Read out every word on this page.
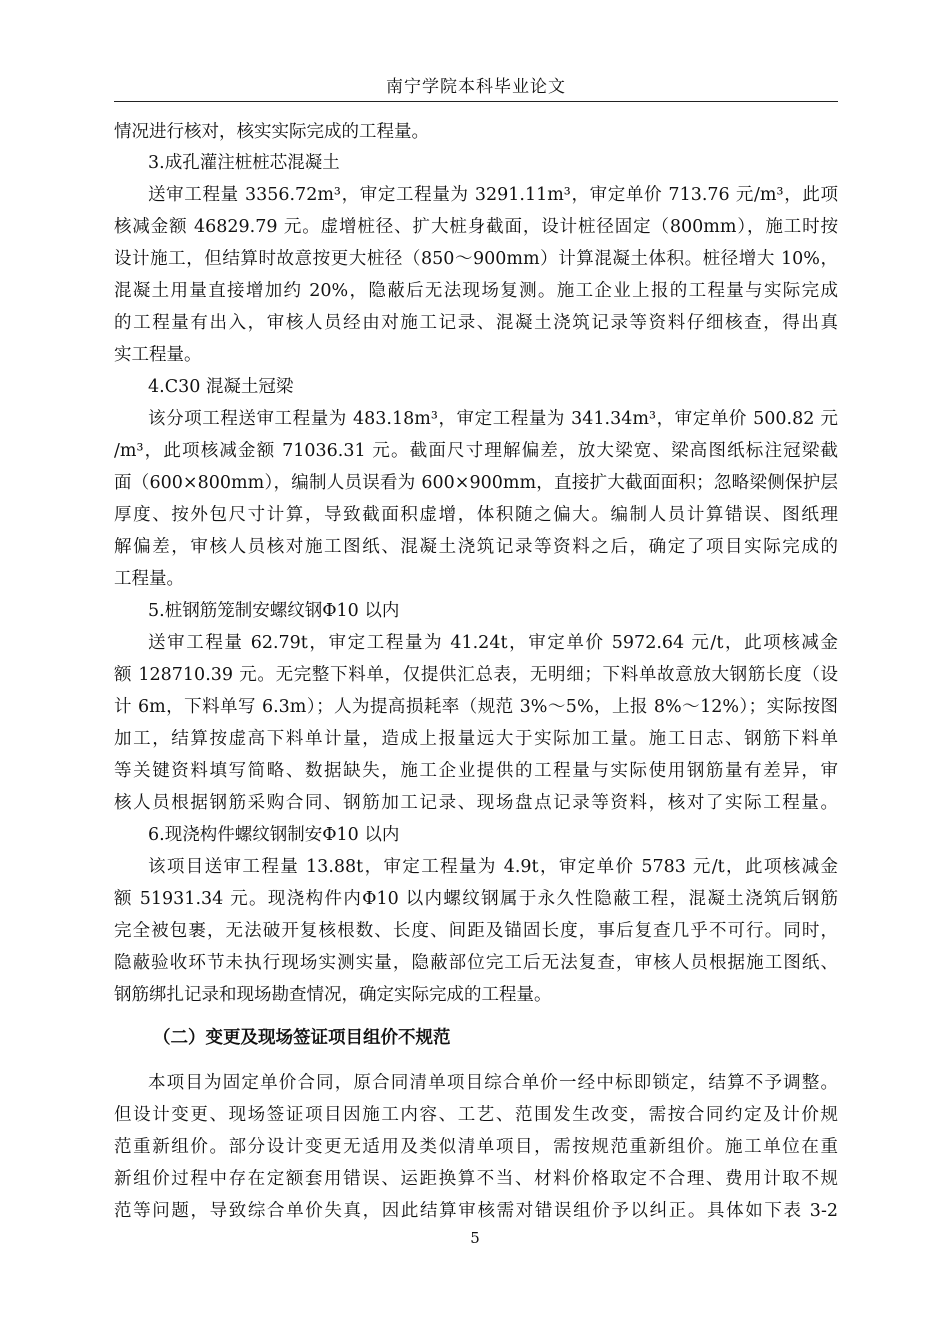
南宁学院本科毕业论文
情况进行核对，核实实际完成的工程量。
3.成孔灌注桩桩芯混凝土
送审工程量 3356.72m³，审定工程量为 3291.11m³，审定单价 713.76 元/m³，此项
核减金额 46829.79 元。虚增桩径、扩大桩身截面，设计桩径固定（800mm），施工时按
设计施工，但结算时故意按更大桩径（850～900mm）计算混凝土体积。桩径增大 10%，
混凝土用量直接增加约 20%，隐蔽后无法现场复测。施工企业上报的工程量与实际完成
的工程量有出入，审核人员经由对施工记录、混凝土浇筑记录等资料仔细核查，得出真
实工程量。
4.C30 混凝土冠梁
该分项工程送审工程量为 483.18m³，审定工程量为 341.34m³，审定单价 500.82 元
/m³，此项核减金额 71036.31 元。截面尺寸理解偏差，放大梁宽、梁高图纸标注冠梁截
面（600×800mm），编制人员误看为 600×900mm，直接扩大截面面积；忽略梁侧保护层
厚度、按外包尺寸计算，导致截面积虚增，体积随之偏大。编制人员计算错误、图纸理
解偏差，审核人员核对施工图纸、混凝土浇筑记录等资料之后，确定了项目实际完成的
工程量。
5.桩钢筋笼制安螺纹钢Φ10 以内
送审工程量 62.79t，审定工程量为 41.24t，审定单价 5972.64 元/t，此项核减金
额 128710.39 元。无完整下料单，仅提供汇总表，无明细；下料单故意放大钢筋长度（设
计 6m，下料单写 6.3m）；人为提高损耗率（规范 3%～5%，上报 8%～12%）；实际按图
加工，结算按虚高下料单计量，造成上报量远大于实际加工量。施工日志、钢筋下料单
等关键资料填写简略、数据缺失，施工企业提供的工程量与实际使用钢筋量有差异，审
核人员根据钢筋采购合同、钢筋加工记录、现场盘点记录等资料，核对了实际工程量。
6.现浇构件螺纹钢制安Φ10 以内
该项目送审工程量 13.88t，审定工程量为 4.9t，审定单价 5783 元/t，此项核减金
额 51931.34 元。现浇构件内Φ10 以内螺纹钢属于永久性隐蔽工程，混凝土浇筑后钢筋
完全被包裹，无法破开复核根数、长度、间距及锚固长度，事后复查几乎不可行。同时，
隐蔽验收环节未执行现场实测实量，隐蔽部位完工后无法复查，审核人员根据施工图纸、
钢筋绑扎记录和现场勘查情况，确定实际完成的工程量。
（二）变更及现场签证项目组价不规范
本项目为固定单价合同，原合同清单项目综合单价一经中标即锁定，结算不予调整。
但设计变更、现场签证项目因施工内容、工艺、范围发生改变，需按合同约定及计价规
范重新组价。部分设计变更无适用及类似清单项目，需按规范重新组价。施工单位在重
新组价过程中存在定额套用错误、运距换算不当、材料价格取定不合理、费用计取不规
范等问题，导致综合单价失真，因此结算审核需对错误组价予以纠正。具体如下表 3-2
5
